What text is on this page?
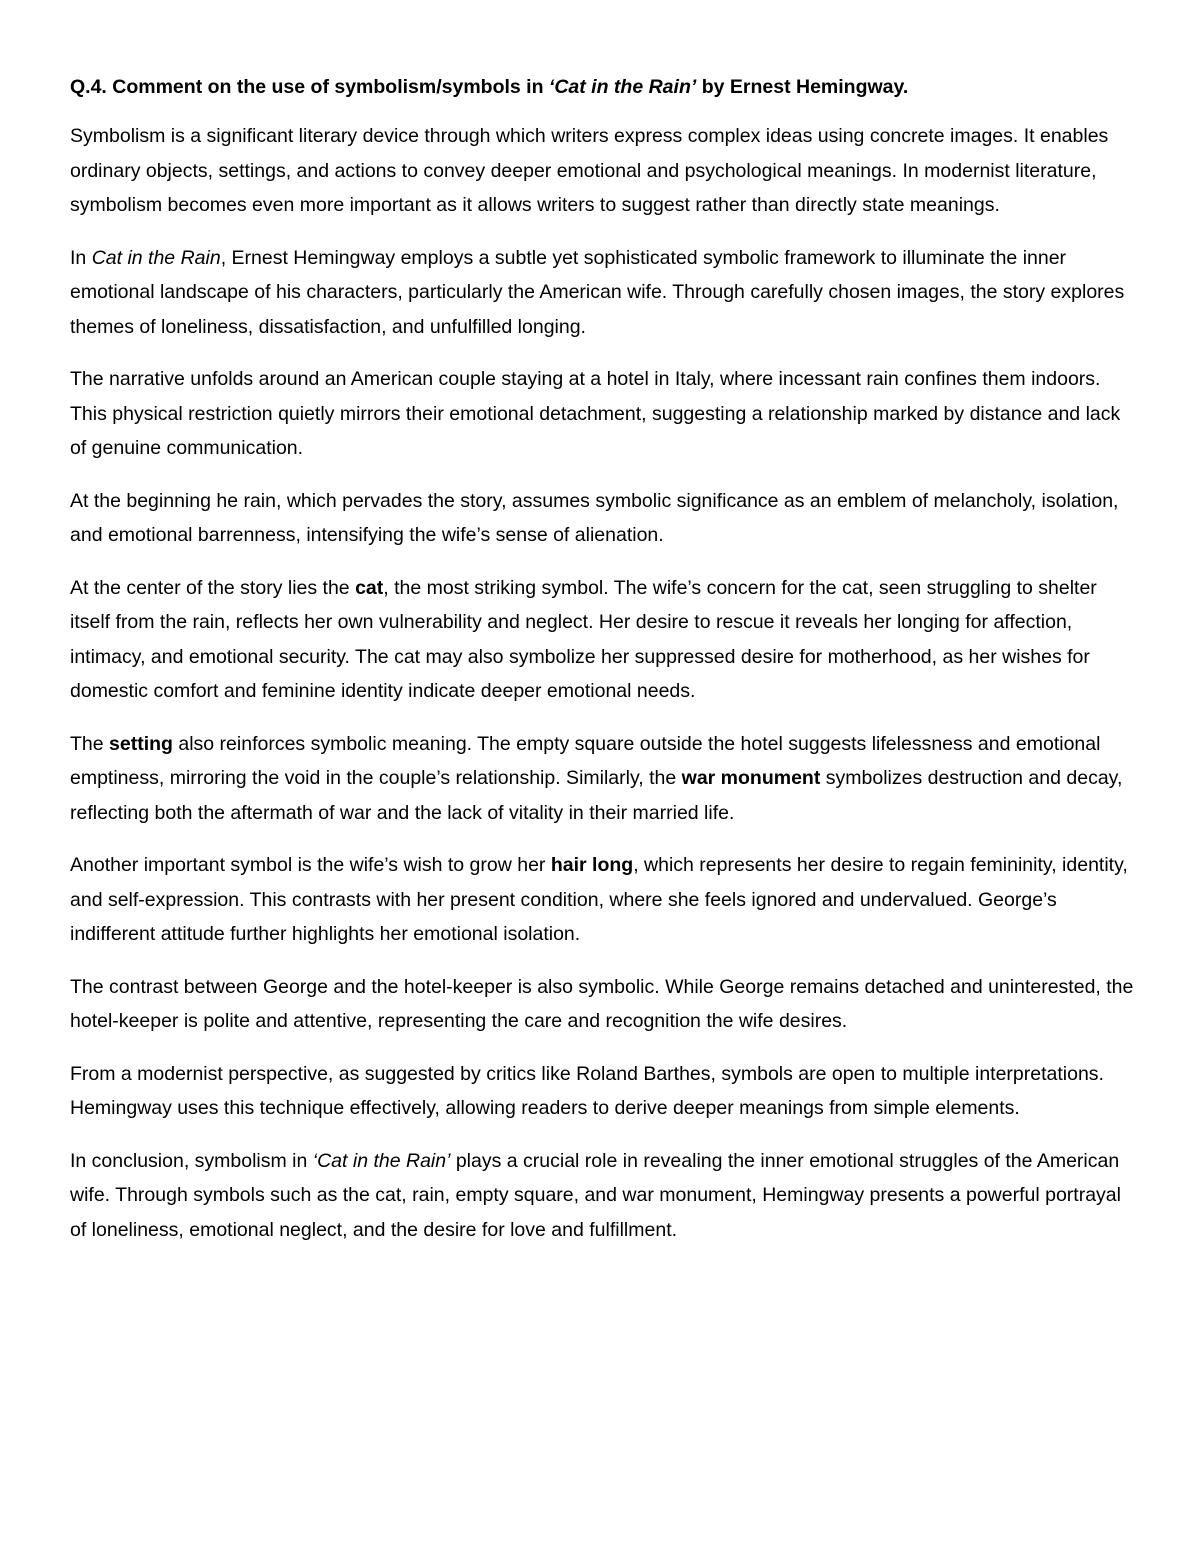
Q.4. Comment on the use of symbolism/symbols in ‘Cat in the Rain’ by Ernest Hemingway.

Symbolism is a significant literary device through which writers express complex ideas using concrete images. It enables ordinary objects, settings, and actions to convey deeper emotional and psychological meanings. In modernist literature, symbolism becomes even more important as it allows writers to suggest rather than directly state meanings.

In Cat in the Rain, Ernest Hemingway employs a subtle yet sophisticated symbolic framework to illuminate the inner emotional landscape of his characters, particularly the American wife. Through carefully chosen images, the story explores themes of loneliness, dissatisfaction, and unfulfilled longing.

The narrative unfolds around an American couple staying at a hotel in Italy, where incessant rain confines them indoors. This physical restriction quietly mirrors their emotional detachment, suggesting a relationship marked by distance and lack of genuine communication.

At the beginning he rain, which pervades the story, assumes symbolic significance as an emblem of melancholy, isolation, and emotional barrenness, intensifying the wife’s sense of alienation.

At the center of the story lies the cat, the most striking symbol. The wife’s concern for the cat, seen struggling to shelter itself from the rain, reflects her own vulnerability and neglect. Her desire to rescue it reveals her longing for affection, intimacy, and emotional security. The cat may also symbolize her suppressed desire for motherhood, as her wishes for domestic comfort and feminine identity indicate deeper emotional needs.

The setting also reinforces symbolic meaning. The empty square outside the hotel suggests lifelessness and emotional emptiness, mirroring the void in the couple’s relationship. Similarly, the war monument symbolizes destruction and decay, reflecting both the aftermath of war and the lack of vitality in their married life.

Another important symbol is the wife’s wish to grow her hair long, which represents her desire to regain femininity, identity, and self-expression. This contrasts with her present condition, where she feels ignored and undervalued. George’s indifferent attitude further highlights her emotional isolation.

The contrast between George and the hotel-keeper is also symbolic. While George remains detached and uninterested, the hotel-keeper is polite and attentive, representing the care and recognition the wife desires.

From a modernist perspective, as suggested by critics like Roland Barthes, symbols are open to multiple interpretations. Hemingway uses this technique effectively, allowing readers to derive deeper meanings from simple elements.

In conclusion, symbolism in ‘Cat in the Rain’ plays a crucial role in revealing the inner emotional struggles of the American wife. Through symbols such as the cat, rain, empty square, and war monument, Hemingway presents a powerful portrayal of loneliness, emotional neglect, and the desire for love and fulfillment.
